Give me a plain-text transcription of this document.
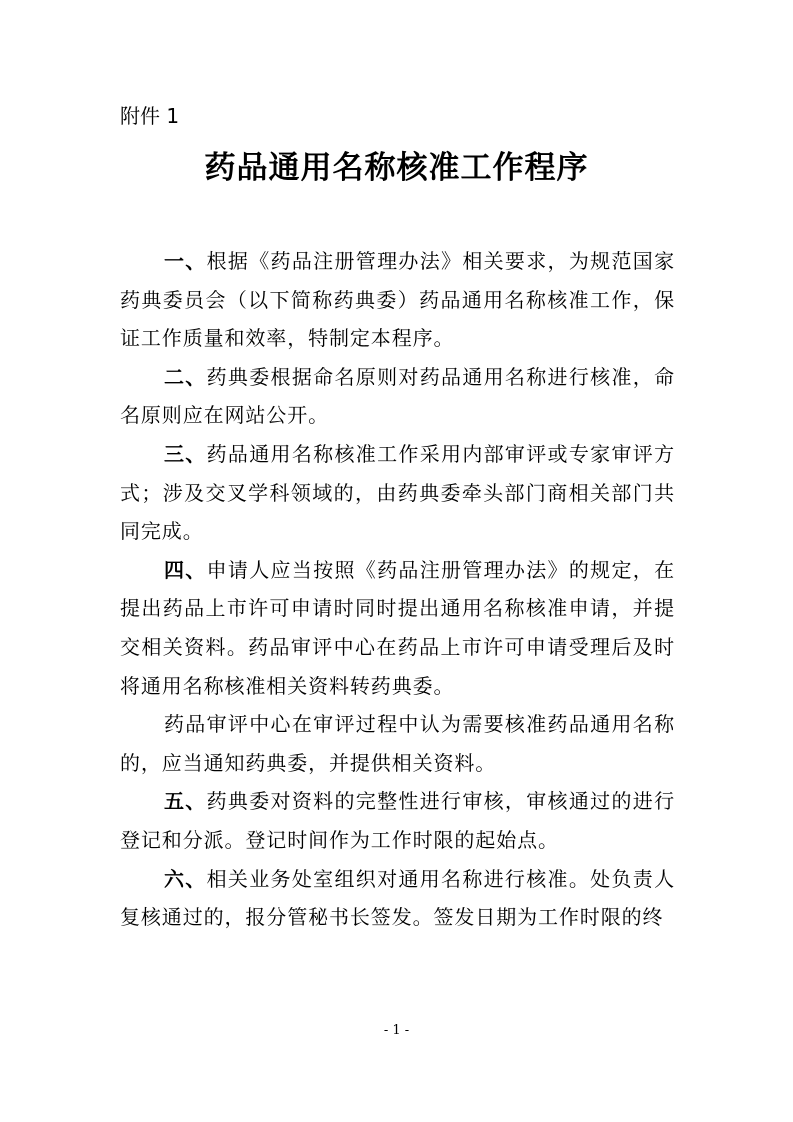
附件 1
药品通用名称核准工作程序

一、根据《药品注册管理办法》相关要求，为规范国家药典委员会（以下简称药典委）药品通用名称核准工作，保证工作质量和效率，特制定本程序。

二、药典委根据命名原则对药品通用名称进行核准，命名原则应在网站公开。

三、药品通用名称核准工作采用内部审评或专家审评方式；涉及交叉学科领域的，由药典委牵头部门商相关部门共同完成。

四、申请人应当按照《药品注册管理办法》的规定，在提出药品上市许可申请时同时提出通用名称核准申请，并提交相关资料。药品审评中心在药品上市许可申请受理后及时将通用名称核准相关资料转药典委。

药品审评中心在审评过程中认为需要核准药品通用名称的，应当通知药典委，并提供相关资料。

五、药典委对资料的完整性进行审核，审核通过的进行登记和分派。登记时间作为工作时限的起始点。

六、相关业务处室组织对通用名称进行核准。处负责人复核通过的，报分管秘书长签发。签发日期为工作时限的终

- 1 -
